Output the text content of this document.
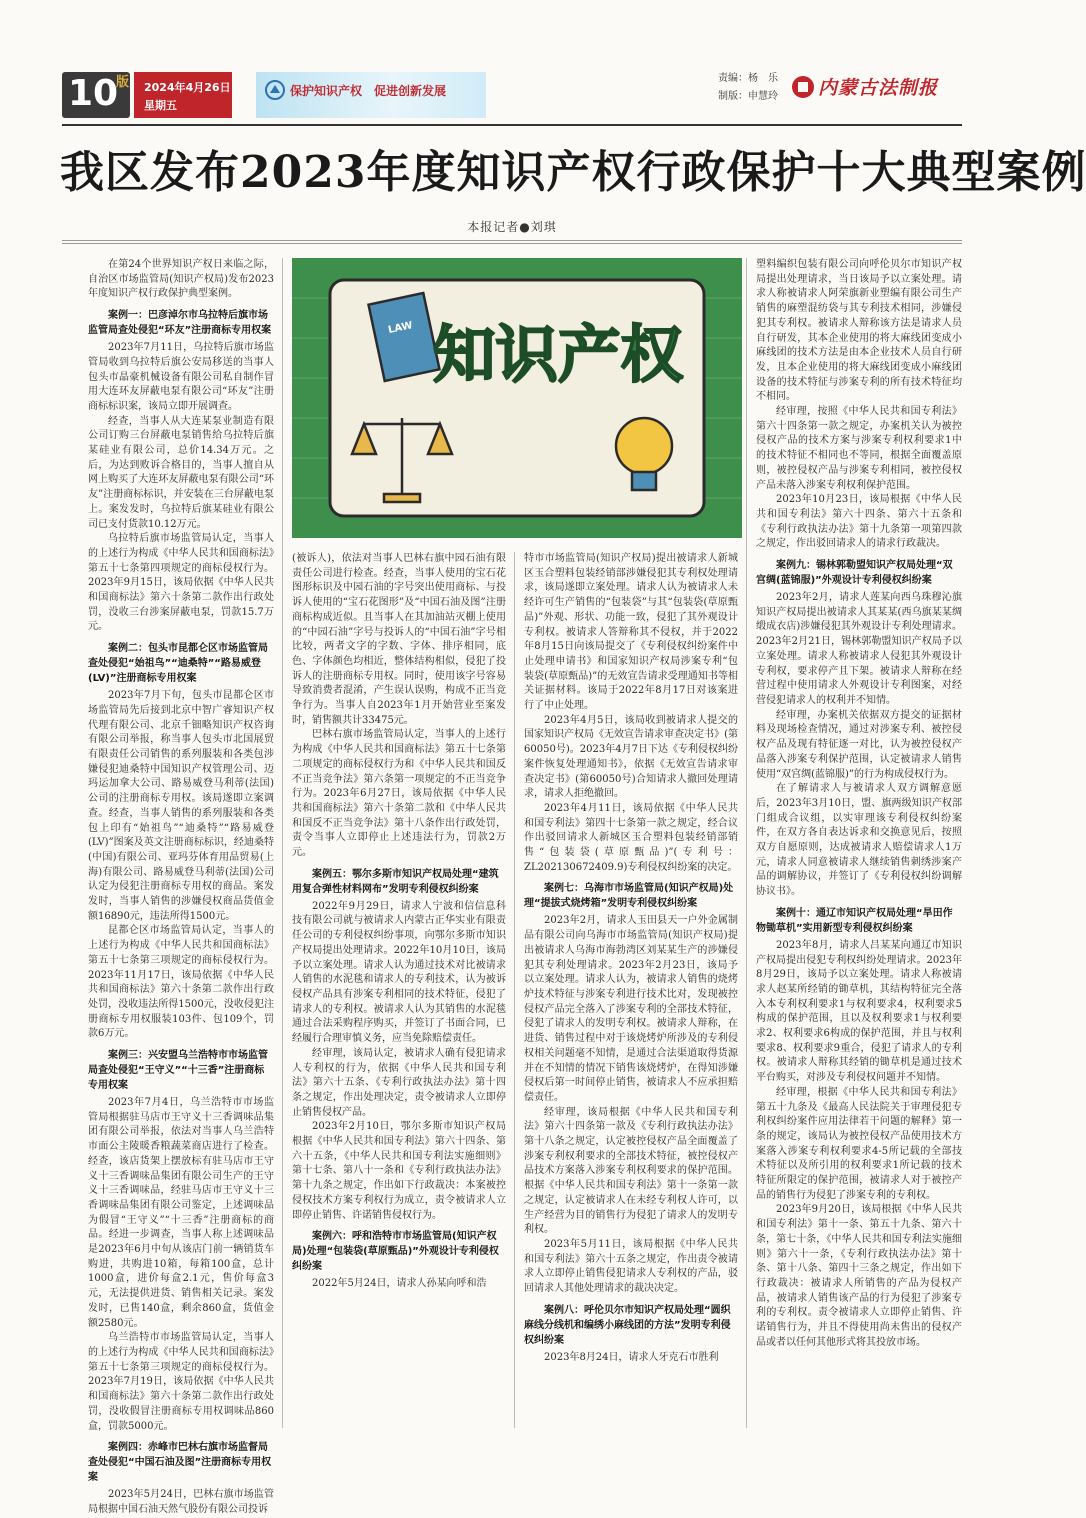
10
版 2024年4月26日
星期五
保护知识产权　促进创新发展
责编：杨　乐
制版：申慧玲 内蒙古法制报
我区发布2023年度知识产权行政保护十大典型案例
本报记者●刘琪
LAW 知识产权

在第24个世界知识产权日来临之际，自治区市场监管局(知识产权局)发布2023年度知识产权行政保护典型案例。

案例一：巴彦淖尔市乌拉特后旗市场监管局查处侵犯“环友”注册商标专用权案

2023年7月11日，乌拉特后旗市场监管局收到乌拉特后旗公安局移送的当事人包头市晶豪机械设备有限公司私自制作冒用大连环友屏蔽电泵有限公司“环友”注册商标标识案，该局立即开展调查。

经查，当事人从大连某泵业制造有限公司订购三台屏蔽电泵销售给乌拉特后旗某硅业有限公司，总价14.34万元。之后，为达到败诉合格目的，当事人擅自从网上购买了大连环友屏蔽电泵有限公司“环友”注册商标标识，并安装在三台屏蔽电泵上。案发发时，乌拉特后旗某硅业有限公司已支付货款10.12万元。

乌拉特后旗市场监管局认定，当事人的上述行为构成《中华人民共和国商标法》第五十七条第四项规定的商标侵权行为。2023年9月15日，该局依据《中华人民共和国商标法》第六十条第二款作出行政处罚，没收三台涉案屏蔽电泵，罚款15.7万元。

案例二：包头市昆都仑区市场监管局查处侵犯“始祖鸟”“迪桑特”“路易威登(LV)”注册商标专用权案

2023年7月下旬，包头市昆都仑区市场监管局先后接到北京中智广睿知识产权代理有限公司、北京千钿略知识产权咨询有限公司举报，称当事人包头市北国展贸有限责任公司销售的系列服装和各类包涉嫌侵犯迪桑特中国知识产权管理公司、迈玛运加拿大公司、路易威登马利蒂(法国)公司的注册商标专用权。该局遂即立案调查。经查，当事人销售的系列服装和各类包上印有“始祖鸟”“迪桑特”“路易威登(LV)”图案及英文注册商标标识，经迪桑特(中国)有限公司、亚玛芬体育用品贸易(上海)有限公司、路易威登马利蒂(法国)公司认定为侵犯注册商标专用权的商品。案发发时，当事人销售的涉嫌侵权商品货值金额16890元，违法所得1500元。

昆都仑区市场监管局认定，当事人的上述行为构成《中华人民共和国商标法》第五十七条第三项规定的商标侵权行为。2023年11月17日，该局依据《中华人民共和国商标法》第六十条第二款作出行政处罚，没收违法所得1500元，没收侵犯注册商标专用权服装103件、包109个，罚款6万元。

案例三：兴安盟乌兰浩特市市场监管局查处侵犯“王守义”“十三香”注册商标专用权案

2023年7月4日，乌兰浩特市市场监管局根据驻马店市王守义十三香调味品集团有限公司举报，依法对当事人乌兰浩特市面公主陵暖香粮蔬菜商店进行了检查。经查，该店货架上摆放标有驻马店市王守义十三香调味品集团有限公司生产的王守义十三香调味品，经驻马店市王守义十三香调味品集团有限公司鉴定，上述调味品为假冒“王守义”“十三香”注册商标的商品。经进一步调查，当事人称上述调味品是2023年6月中旬从该店门前一辆销货车购进，共购进10箱，每箱100盒，总计1000盒，进价每盒2.1元，售价每盒3元，无法提供进货、销售相关记录。案发发时，已售140盒，剩余860盒，货值金额2580元。

乌兰浩特市市场监管局认定，当事人的上述行为构成《中华人民共和国商标法》第五十七条第三项规定的商标侵权行为。2023年7月19日，该局依据《中华人民共和国商标法》第六十条第二款作出行政处罚，没收假冒注册商标专用权调味品860盒，罚款5000元。

案例四：赤峰市巴林右旗市场监督局查处侵犯“中国石油及图”注册商标专用权案

2023年5月24日，巴林右旗市场监管局根据中国石油天然气股份有限公司投诉

(被诉人)，依法对当事人巴林右旗中园石油有限责任公司进行检查。经查，当事人使用的宝石花图形标识及中园石油的字号突出使用商标、与投诉人使用的“宝石花图形”及“中国石油及图”注册商标构成近似。且当事人在其加油站灭棚上使用的“中园石油”字号与投诉人的“中国石油”字号相比较，两者文字的字数、字体、排序相同，底色、字体颜色均相近，整体结构相似，侵犯了投诉人的注册商标专用权。同时，使用该字号容易导致消费者混淆，产生误认误购，构成不正当竞争行为。当事人自2023年1月开始营业至案发时，销售额共计33475元。

巴林右旗市场监管局认定，当事人的上述行为构成《中华人民共和国商标法》第五十七条第二项规定的商标侵权行为和《中华人民共和国反不正当竞争法》第六条第一项规定的不正当竞争行为。2023年6月27日，该局依据《中华人民共和国商标法》第六十条第二款和《中华人民共和国反不正当竞争法》第十八条作出行政处罚，责令当事人立即停止上述违法行为，罚款2万元。

案例五：鄂尔多斯市知识产权局处理“建筑用复合弹性材料网布”发明专利侵权纠纷案

2022年9月29日，请求人宁波和信信息科技有限公司就与被请求人内蒙古正华实业有限责任公司的专利侵权纠纷事项，向鄂尔多斯市知识产权局提出处理请求。2022年10月10日，该局予以立案处理。请求人认为通过技术对比被请求人销售的水泥毯和请求人的专利技术，认为被诉侵权产品具有涉案专利相同的技术特征，侵犯了请求人的专利权。被请求人认为其销售的水泥毯通过合法采购程序购买，并签订了书面合同，已经履行合理审慎义务，应当免除赔偿责任。

经审理，该局认定，被请求人确有侵犯请求人专利权的行为，依据《中华人民共和国专利法》第六十五条、《专利行政执法办法》第十四条之规定，作出处理决定，责令被请求人立即停止销售侵权产品。

2023年2月10日，鄂尔多斯市知识产权局根据《中华人民共和国专利法》第六十四条、第六十五条，《中华人民共和国专利法实施细则》第十七条、第八十一条和《专利行政执法办法》第十九条之规定，作出如下行政裁决：本案被控侵权技术方案专利权行为成立，责令被请求人立即停止销售、许诺销售侵权行为。

案例六：呼和浩特市市场监管局(知识产权局)处理“包装袋(草原甄品)”外观设计专利侵权纠纷案

2022年5月24日，请求人孙某向呼和浩

特市市场监管局(知识产权局)提出被请求人新城区玉合塑料包装经销部涉嫌侵犯其专利权处理请求，该局遂即立案处理。请求人认为被请求人未经许可生产销售的“包装袋”与其“包装袋(草原甄品)”外观、形状、功能一致，侵犯了其外观设计专利权。被请求人答辩称其不侵权，并于2022年8月15日向该局提交了《专利侵权纠纷案件中止处理申请书》和国家知识产权局涉案专利“包装袋(草原甄品)”的无效宣告请求受理通知书等相关证据材料。该局于2022年8月17日对该案进行了中止处理。

2023年4月5日，该局收到被请求人提交的国家知识产权局《无效宣告请求审查决定书》(第60050号)。2023年4月7日下达《专利侵权纠纷案件恢复处理通知书》，依据《无效宣告请求审查决定书》(第60050号)合知请求人撤回处理请求，请求人拒绝撤回。

2023年4月11日，该局依据《中华人民共和国专利法》第四十七条第一款之规定，经合议作出驳回请求人新城区玉合塑料包装经销部销售“包装袋(草原甄品)”(专利号：ZL202130672409.9)专利侵权纠纷案的决定。

案例七：乌海市市场监管局(知识产权局)处理“提拔式烧烤箱”发明专利侵权纠纷案

2023年2月，请求人玉田县天一户外金属制品有限公司向乌海市市场监管局(知识产权局)提出被请求人乌海市海勃湾区刘某某生产的涉嫌侵犯其专利处理请求。2023年2月23日，该局予以立案处理。请求人认为，被请求人销售的烧烤炉技术特征与涉案专利进行技术比对，发现被控侵权产品完全落入了涉案专利的全部技术特征，侵犯了请求人的发明专利权。被请求人辩称，在进货、销售过程中对于该烧烤炉所涉及的专利侵权相关问题毫不知情，是通过合法渠道取得货源并在不知情的情况下销售该烧烤炉，在得知涉嫌侵权后第一时间停止销售，被请求人不应承担赔偿责任。

经审理，该局根据《中华人民共和国专利法》第六十四条第一款及《专利行政执法办法》第十八条之规定，认定被控侵权产品全面覆盖了涉案专利权利要求的全部技术特征，被控侵权产品技术方案落入涉案专利权利要求的保护范围。根据《中华人民共和国专利法》第十一条第一款之规定，认定被请求人在未经专利权人许可，以生产经营为目的销售行为侵犯了请求人的发明专利权。

2023年5月11日，该局根据《中华人民共和国专利法》第六十五条之规定，作出责令被请求人立即停止销售侵犯请求人专利权的产品，驳回请求人其他处理请求的裁决决定。

案例八：呼伦贝尔市知识产权局处理“圆织麻线分线机和编绣小麻线团的方法”发明专利侵权纠纷案

2023年8月24日，请求人牙克石市胜利

塑料编织包装有限公司向呼伦贝尔市知识产权局提出处理请求，当日该局予以立案处理。请求人称被请求人阿荣旗新业塑编有限公司生产销售的麻塑混纺袋与其专利技术相同，涉嫌侵犯其专利权。被请求人辩称该方法是请求人员自行研发，其本企业使用的将大麻线团变成小麻线团的技术方法是由本企业技术人员自行研发，且本企业使用的将大麻线团变成小麻线团设备的技术特征与涉案专利的所有技术特征均不相同。

经审理，按照《中华人民共和国专利法》第六十四条第一款之规定，办案机关认为被控侵权产品的技术方案与涉案专利权利要求1中的技术特征不相同也不等同，根据全面覆盖原则，被控侵权产品与涉案专利相同，被控侵权产品未落入涉案专利权利保护范围。

2023年10月23日，该局根据《中华人民共和国专利法》第六十四条、第六十五条和《专利行政执法办法》第十九条第一项第四款之规定，作出驳回请求人的请求行政裁决。

案例九：锡林郭勒盟知识产权局处理“双宫绸(蓝锦服)”外观设计专利侵权纠纷案

2023年2月，请求人莲某向西乌珠穆沁旗知识产权局提出被请求人其某某(西乌旗某某绸缎成衣店)涉嫌侵犯其外观设计专利处理请求。2023年2月21日，锡林郭勒盟知识产权局予以立案处理。请求人称被请求人侵犯其外观设计专利权，要求停产且下架。被请求人辩称在经营过程中使用请求人外观设计专利图案，对经营侵犯请求人的权利并不知情。

经审理，办案机关依据双方提交的证据材料及现场检查情况，通过对涉案专利、被控侵权产品及现有特征逐一对比，认为被控侵权产品落入涉案专利保护范围，认定被请求人销售使用“双宫绸(蓝锦服)”的行为构成侵权行为。

在了解请求人与被请求人双方调解意愿后，2023年3月10日，盟、旗两级知识产权部门组成合议组，以实审理该专利侵权纠纷案件，在双方各自表达诉求和交换意见后，按照双方自愿原则，达成被请求人赔偿请求人1万元，请求人同意被请求人继续销售刺绣涉案产品的调解协议，并签订了《专利侵权纠纷调解协议书》。

案例十：通辽市知识产权局处理“旱田作物锄草机”实用新型专利侵权纠纷案

2023年8月，请求人吕某某向通辽市知识产权局提出侵犯专利权纠纷处理请求。2023年8月29日，该局予以立案处理。请求人称被请求人赵某所经销的锄草机，其结构特征完全落入本专利权利要求1与权利要求4，权利要求5构成的保护范围，且以及权利要求1与权利要求2、权利要求6构成的保护范围，并且与权利要求8、权利要求9重合，侵犯了请求人的专利权。被请求人辩称其经销的锄草机是通过技术平台购买，对涉及专利侵权问题并不知情。

经审理，根据《中华人民共和国专利法》第五十九条及《最高人民法院关于审理侵犯专利权纠纷案件应用法律若干问题的解释》第一条的规定，该局认为被控侵权产品使用技术方案落入涉案专利权利要求4-5所记载的全部技术特征以及所引用的权利要求1所记载的技术特征所限定的保护范围，被请求人对于被控产品的销售行为侵犯了涉案专利的专利权。

2023年9月20日，该局根据《中华人民共和国专利法》第十一条、第五十九条、第六十条，第七十条，《中华人民共和国专利法实施细则》第六十一条，《专利行政执法办法》第十条、第十八条、第四十三条之规定，作出如下行政裁决：被请求人所销售的产品为侵权产品，被请求人销售该产品的行为侵犯了涉案专利的专利权。责令被请求人立即停止销售、许诺销售行为，并且不得使用尚未售出的侵权产品或者以任何其他形式将其投放市场。
